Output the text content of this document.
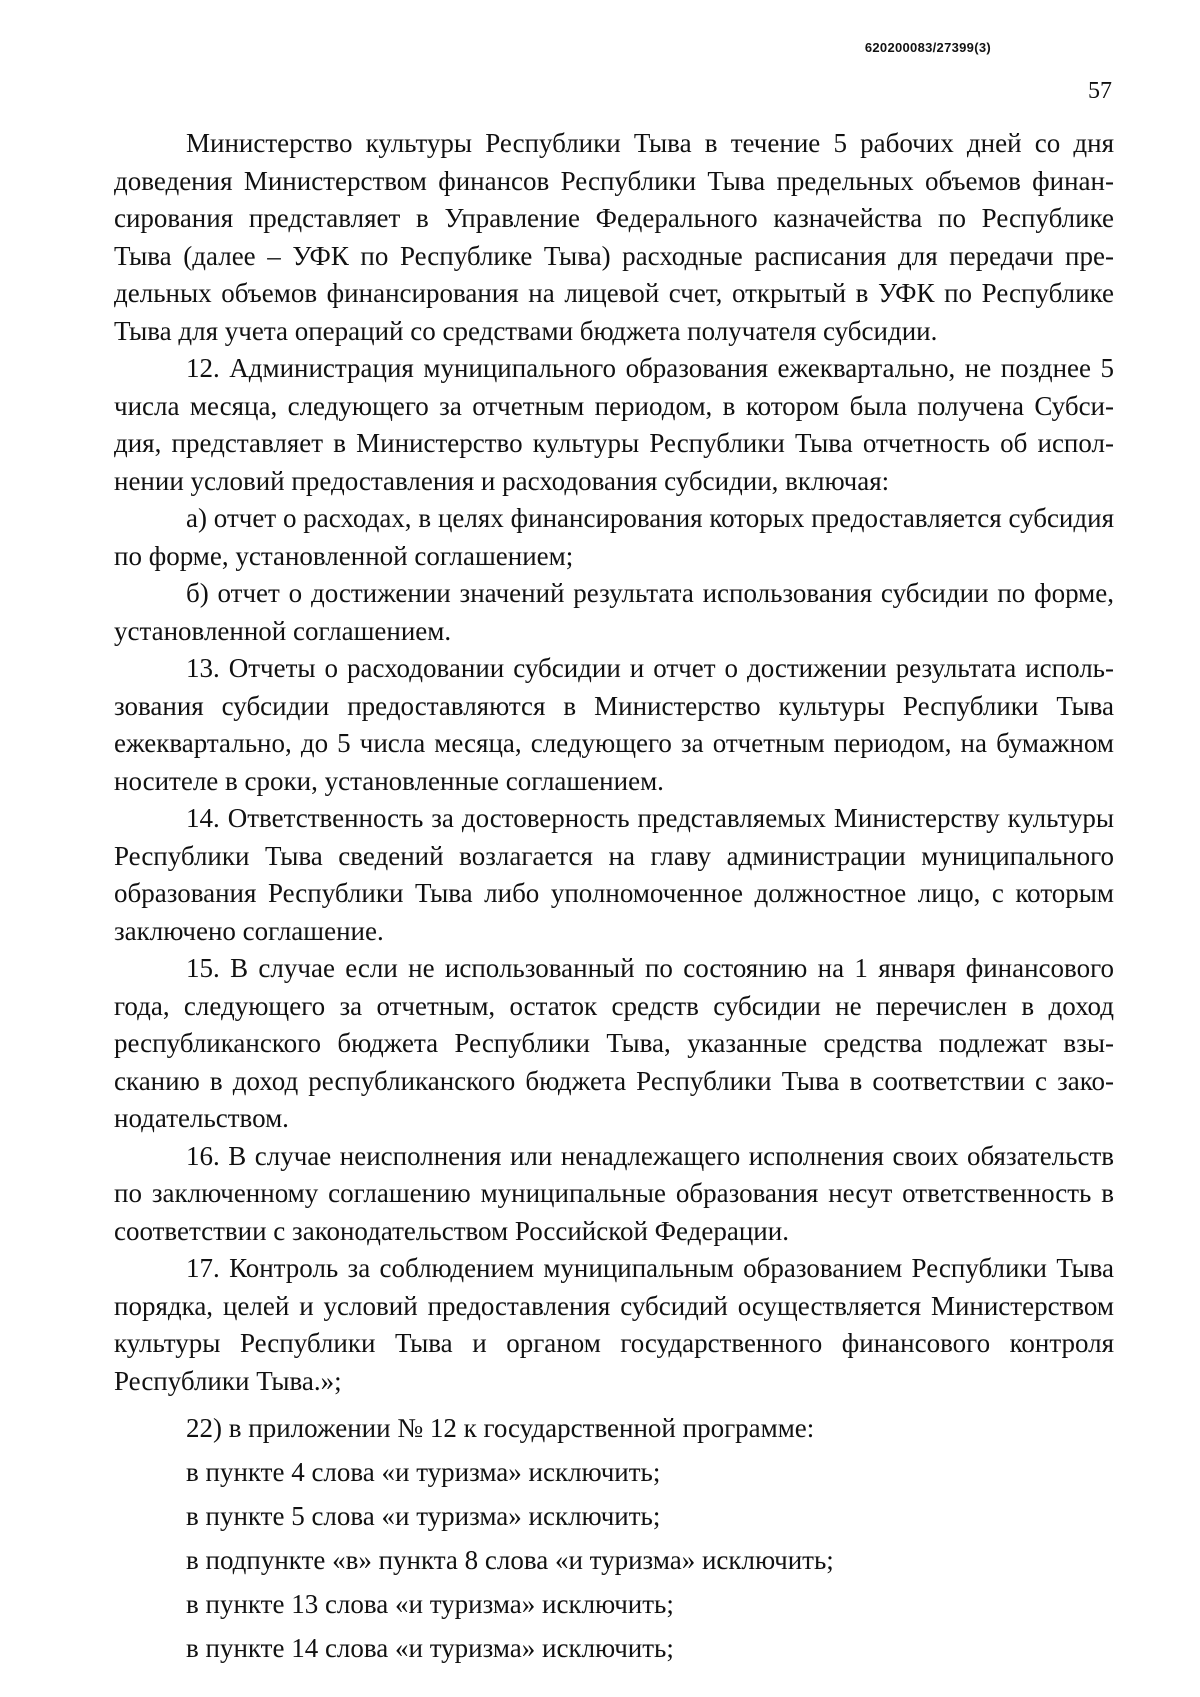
620200083/27399(3)
57

Министерство культуры Республики Тыва в течение 5 рабочих дней со дня доведения Министерством финансов Республики Тыва предельных объемов финансирования представляет в Управление Федерального казначейства по Республике Тыва (далее – УФК по Республике Тыва) расходные расписания для передачи предельных объемов финансирования на лицевой счет, открытый в УФК по Республике Тыва для учета операций со средствами бюджета получателя субсидии.

12. Администрация муниципального образования ежеквартально, не позднее 5 числа месяца, следующего за отчетным периодом, в котором была получена Субсидия, представляет в Министерство культуры Республики Тыва отчетность об исполнении условий предоставления и расходования субсидии, включая:

а) отчет о расходах, в целях финансирования которых предоставляется субсидия по форме, установленной соглашением;

б) отчет о достижении значений результата использования субсидии по форме, установленной соглашением.

13. Отчеты о расходовании субсидии и отчет о достижении результата использования субсидии предоставляются в Министерство культуры Республики Тыва ежеквартально, до 5 числа месяца, следующего за отчетным периодом, на бумажном носителе в сроки, установленные соглашением.

14. Ответственность за достоверность представляемых Министерству культуры Республики Тыва сведений возлагается на главу администрации муниципального образования Республики Тыва либо уполномоченное должностное лицо, с которым заключено соглашение.

15. В случае если не использованный по состоянию на 1 января финансового года, следующего за отчетным, остаток средств субсидии не перечислен в доход республиканского бюджета Республики Тыва, указанные средства подлежат взысканию в доход республиканского бюджета Республики Тыва в соответствии с законодательством.

16. В случае неисполнения или ненадлежащего исполнения своих обязательств по заключенному соглашению муниципальные образования несут ответственность в соответствии с законодательством Российской Федерации.

17. Контроль за соблюдением муниципальным образованием Республики Тыва порядка, целей и условий предоставления субсидий осуществляется Министерством культуры Республики Тыва и органом государственного финансового контроля Республики Тыва.»;

22) в приложении № 12 к государственной программе:

в пункте 4 слова «и туризма» исключить;

в пункте 5 слова «и туризма» исключить;

в подпункте «в» пункта 8 слова «и туризма» исключить;

в пункте 13 слова «и туризма» исключить;

в пункте 14 слова «и туризма» исключить;
